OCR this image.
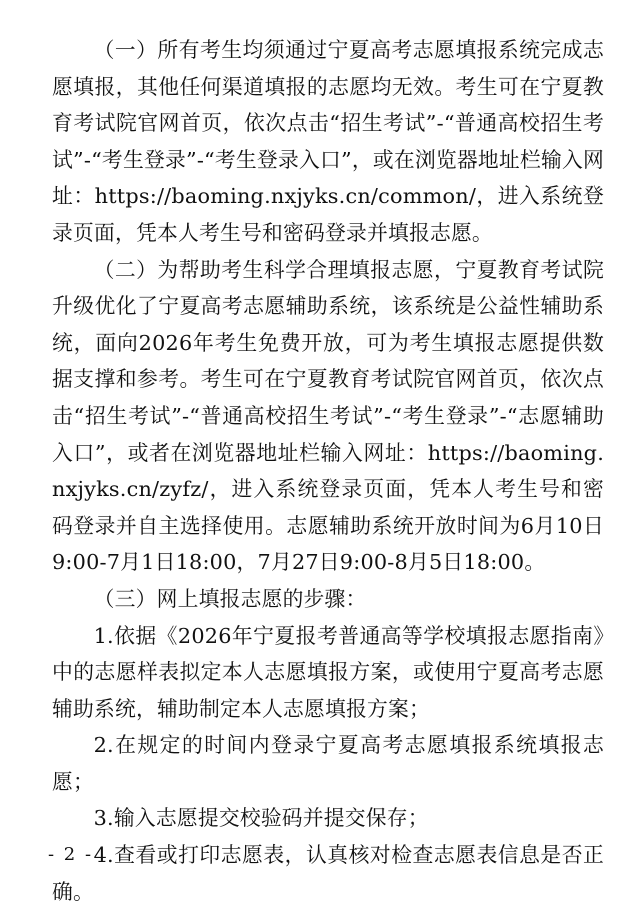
（一）所有考生均须通过宁夏高考志愿填报系统完成志愿填报，其他任何渠道填报的志愿均无效。考生可在宁夏教育考试院官网首页，依次点击“招生考试”-“普通高校招生考试”-“考生登录”-“考生登录入口”，或在浏览器地址栏输入网址：https://baoming.nxjyks.cn/common/，进入系统登录页面，凭本人考生号和密码登录并填报志愿。

（二）为帮助考生科学合理填报志愿，宁夏教育考试院升级优化了宁夏高考志愿辅助系统，该系统是公益性辅助系统，面向2026年考生免费开放，可为考生填报志愿提供数据支撑和参考。考生可在宁夏教育考试院官网首页，依次点击“招生考试”-“普通高校招生考试”-“考生登录”-“志愿辅助入口”，或者在浏览器地址栏输入网址：https://baoming.nxjyks.cn/zyfz/，进入系统登录页面，凭本人考生号和密码登录并自主选择使用。志愿辅助系统开放时间为6月10日9:00-7月1日18:00，7月27日9:00-8月5日18:00。

（三）网上填报志愿的步骤：

1.依据《2026年宁夏报考普通高等学校填报志愿指南》中的志愿样表拟定本人志愿填报方案，或使用宁夏高考志愿辅助系统，辅助制定本人志愿填报方案；

2.在规定的时间内登录宁夏高考志愿填报系统填报志愿；

3.输入志愿提交校验码并提交保存；

4.查看或打印志愿表，认真核对检查志愿表信息是否正确。

- 2 -
